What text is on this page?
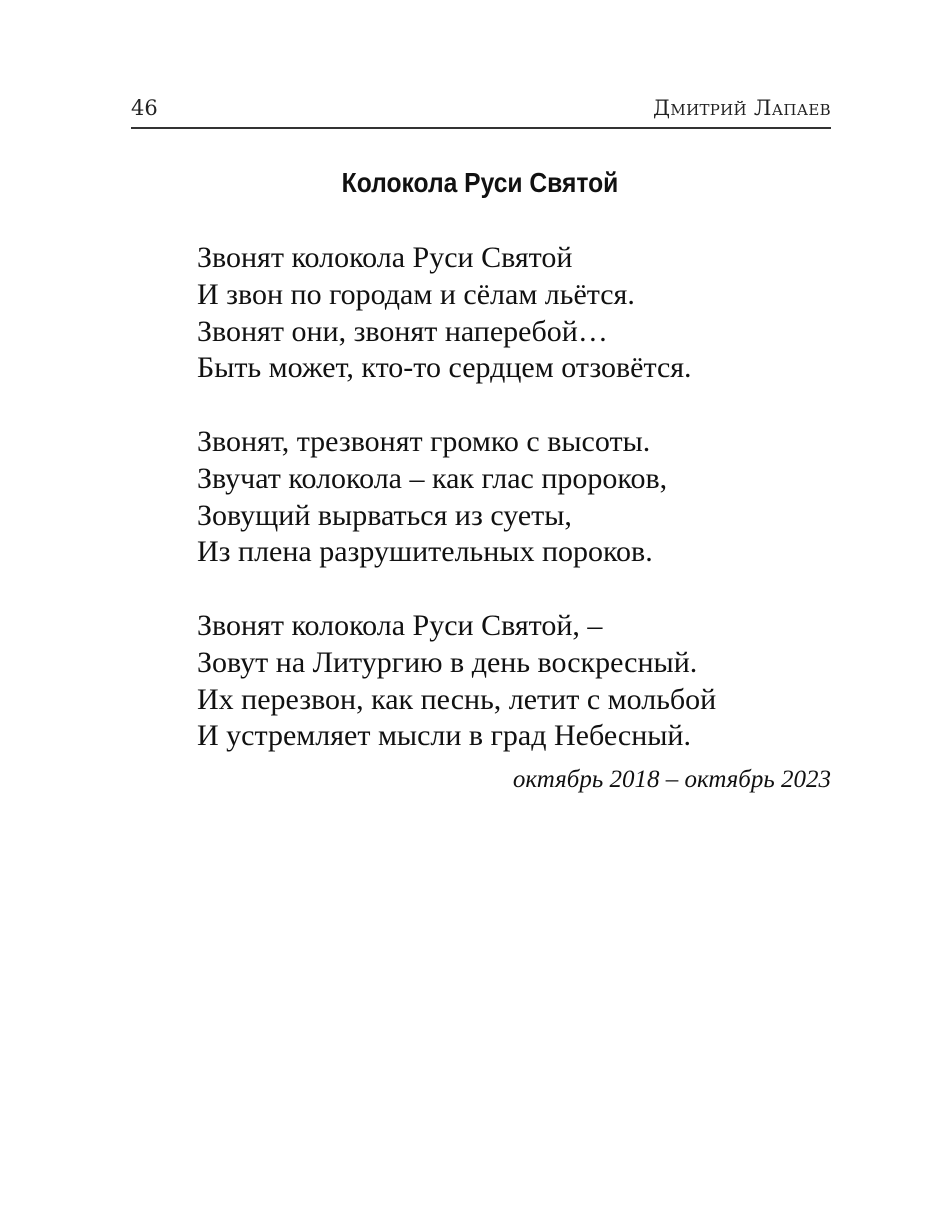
46	Дмитрий Лапаев
Колокола Руси Святой
Звонят колокола Руси Святой
И звон по городам и сёлам льётся.
Звонят они, звонят наперебой…
Быть может, кто-то сердцем отзовётся.
Звонят, трезвонят громко с высоты.
Звучат колокола – как глас пророков,
Зовущий вырваться из суеты,
Из плена разрушительных пороков.
Звонят колокола Руси Святой, –
Зовут на Литургию в день воскресный.
Их перезвон, как песнь, летит с мольбой
И устремляет мысли в град Небесный.
октябрь 2018 – октябрь 2023
